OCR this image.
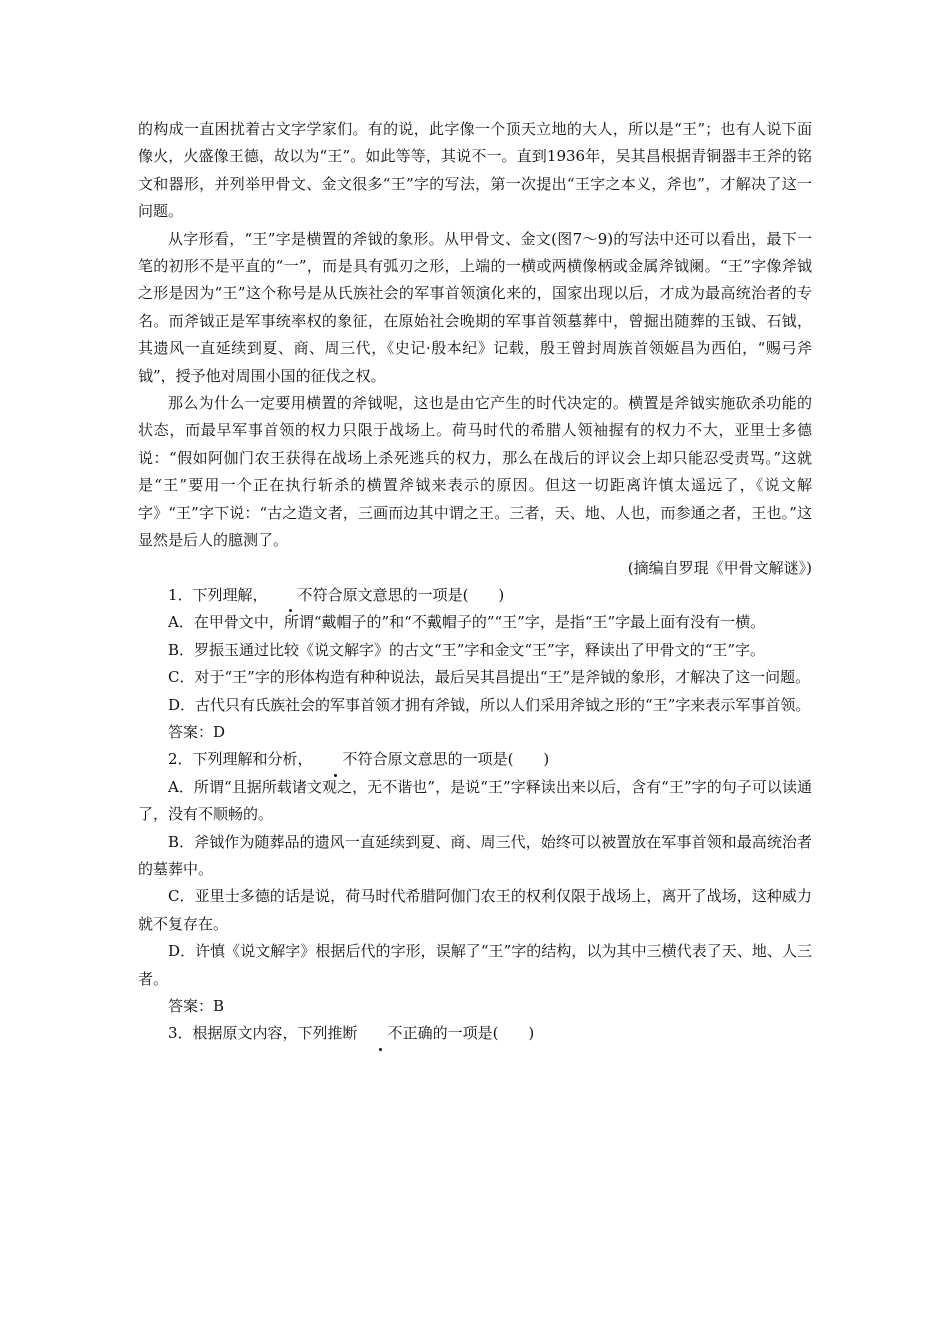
的构成一直困扰着古文字学家们。有的说，此字像一个顶天立地的大人，所以是“王”；也有人说下面像火，火盛像王德，故以为“王”。如此等等，其说不一。直到1936年，吴其昌根据青铜器丰王斧的铭文和器形，并列举甲骨文、金文很多“王”字的写法，第一次提出“王字之本义，斧也”，才解决了这一问题。

从字形看，“王”字是横置的斧钺的象形。从甲骨文、金文(图7～9)的写法中还可以看出，最下一笔的初形不是平直的“一”，而是具有弧刃之形，上端的一横或两横像柄或金属斧钺阑。“王”字像斧钺之形是因为“王”这个称号是从氏族社会的军事首领演化来的，国家出现以后，才成为最高统治者的专名。而斧钺正是军事统率权的象征，在原始社会晚期的军事首领墓葬中，曾掘出随葬的玉钺、石钺，其遗风一直延续到夏、商、周三代，《史记·殷本纪》记载，殷王曾封周族首领姬昌为西伯，“赐弓斧钺”，授予他对周围小国的征伐之权。

那么为什么一定要用横置的斧钺呢，这也是由它产生的时代决定的。横置是斧钺实施砍杀功能的状态，而最早军事首领的权力只限于战场上。荷马时代的希腊人领袖握有的权力不大，亚里士多德说：“假如阿伽门农王获得在战场上杀死逃兵的权力，那么在战后的评议会上却只能忍受责骂。”这就是“王”要用一个正在执行斩杀的横置斧钺来表示的原因。但这一切距离许慎太遥远了，《说文解字》“王”字下说：“古之造文者，三画而边其中谓之王。三者，天、地、人也，而参通之者，王也。”这显然是后人的臆测了。

(摘编自罗琨《甲骨文解谜》)

1．下列理解， 不符合原文意思的一项是(　　)

A．在甲骨文中，所谓“戴帽子的”和“不戴帽子的”“王”字，是指“王”字最上面有没有一横。

B．罗振玉通过比较《说文解字》的古文“王”字和金文“王”字，释读出了甲骨文的“王”字。

C．对于“王”字的形体构造有种种说法，最后吴其昌提出“王”是斧钺的象形，才解决了这一问题。

D．古代只有氏族社会的军事首领才拥有斧钺，所以人们采用斧钺之形的“王”字来表示军事首领。

答案：D

2．下列理解和分析， 不符合原文意思的一项是(　　)

A．所谓“且据所载诸文观之，无不谐也”，是说“王”字释读出来以后，含有“王”字的句子可以读通了，没有不顺畅的。

B．斧钺作为随葬品的遗风一直延续到夏、商、周三代，始终可以被置放在军事首领和最高统治者的墓葬中。

C．亚里士多德的话是说，荷马时代希腊阿伽门农王的权利仅限于战场上，离开了战场，这种威力就不复存在。

D．许慎《说文解字》根据后代的字形，误解了“王”字的结构，以为其中三横代表了天、地、人三者。

答案：B

3．根据原文内容，下列推断 不正确的一项是(　　)
